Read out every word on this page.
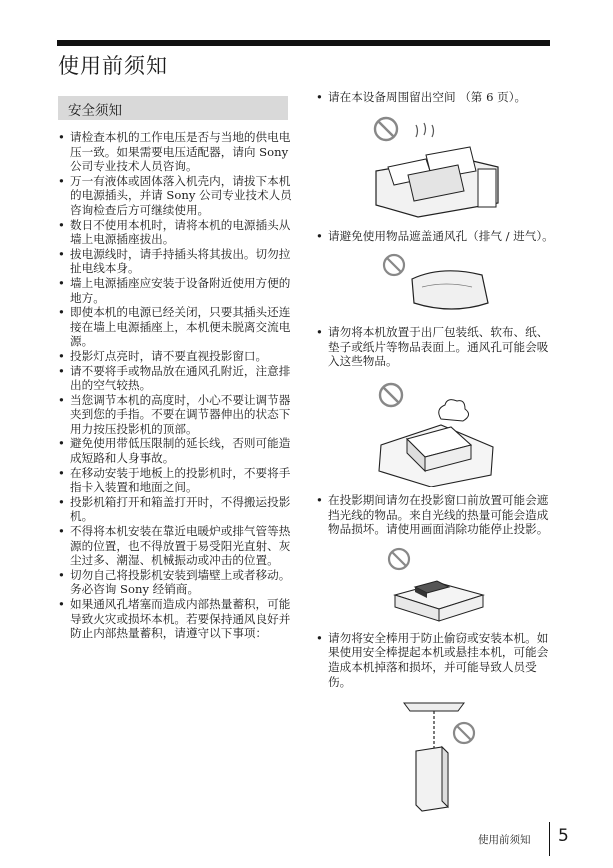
使用前须知
安全须知
• 请检查本机的工作电压是否与当地的供电电压一致。如果需要电压适配器，请向 Sony 公司专业技术人员咨询。
• 万一有液体或固体落入机壳内，请拔下本机的电源插头，并请 Sony 公司专业技术人员咨询检查后方可继续使用。
• 数日不使用本机时，请将本机的电源插头从墙上电源插座拔出。
• 拔电源线时，请手持插头将其拔出。切勿拉扯电线本身。
• 墙上电源插座应安装于设备附近使用方便的地方。
• 即使本机的电源已经关闭，只要其插头还连接在墙上电源插座上，本机便未脱离交流电源。
• 投影灯点亮时，请不要直视投影窗口。
• 请不要将手或物品放在通风孔附近，注意排出的空气较热。
• 当您调节本机的高度时，小心不要让调节器夹到您的手指。不要在调节器伸出的状态下用力按压投影机的顶部。
• 避免使用带低压限制的延长线，否则可能造成短路和人身事故。
• 在移动安装于地板上的投影机时，不要将手指卡入装置和地面之间。
• 投影机箱打开和箱盖打开时，不得搬运投影机。
• 不得将本机安装在靠近电暖炉或排气管等热源的位置，也不得放置于易受阳光直射、灰尘过多、潮湿、机械振动或冲击的位置。
• 切勿自己将投影机安装到墙壁上或者移动。务必咨询 Sony 经销商。
• 如果通风孔堵塞而造成内部热量蓄积，可能导致火灾或损坏本机。若要保持通风良好并防止内部热量蓄积，请遵守以下事项：
• 请在本设备周围留出空间 （第 6 页）。
• 请避免使用物品遮盖通风孔（排气 / 进气）。
• 请勿将本机放置于出厂包装纸、软布、纸、垫子或纸片等物品表面上。通风孔可能会吸入这些物品。
• 在投影期间请勿在投影窗口前放置可能会遮挡光线的物品。来自光线的热量可能会造成物品损坏。请使用画面消除功能停止投影。
• 请勿将安全棒用于防止偷窃或安装本机。如果使用安全棒提起本机或悬挂本机，可能会造成本机掉落和损坏，并可能导致人员受伤。
使用前须知 5
